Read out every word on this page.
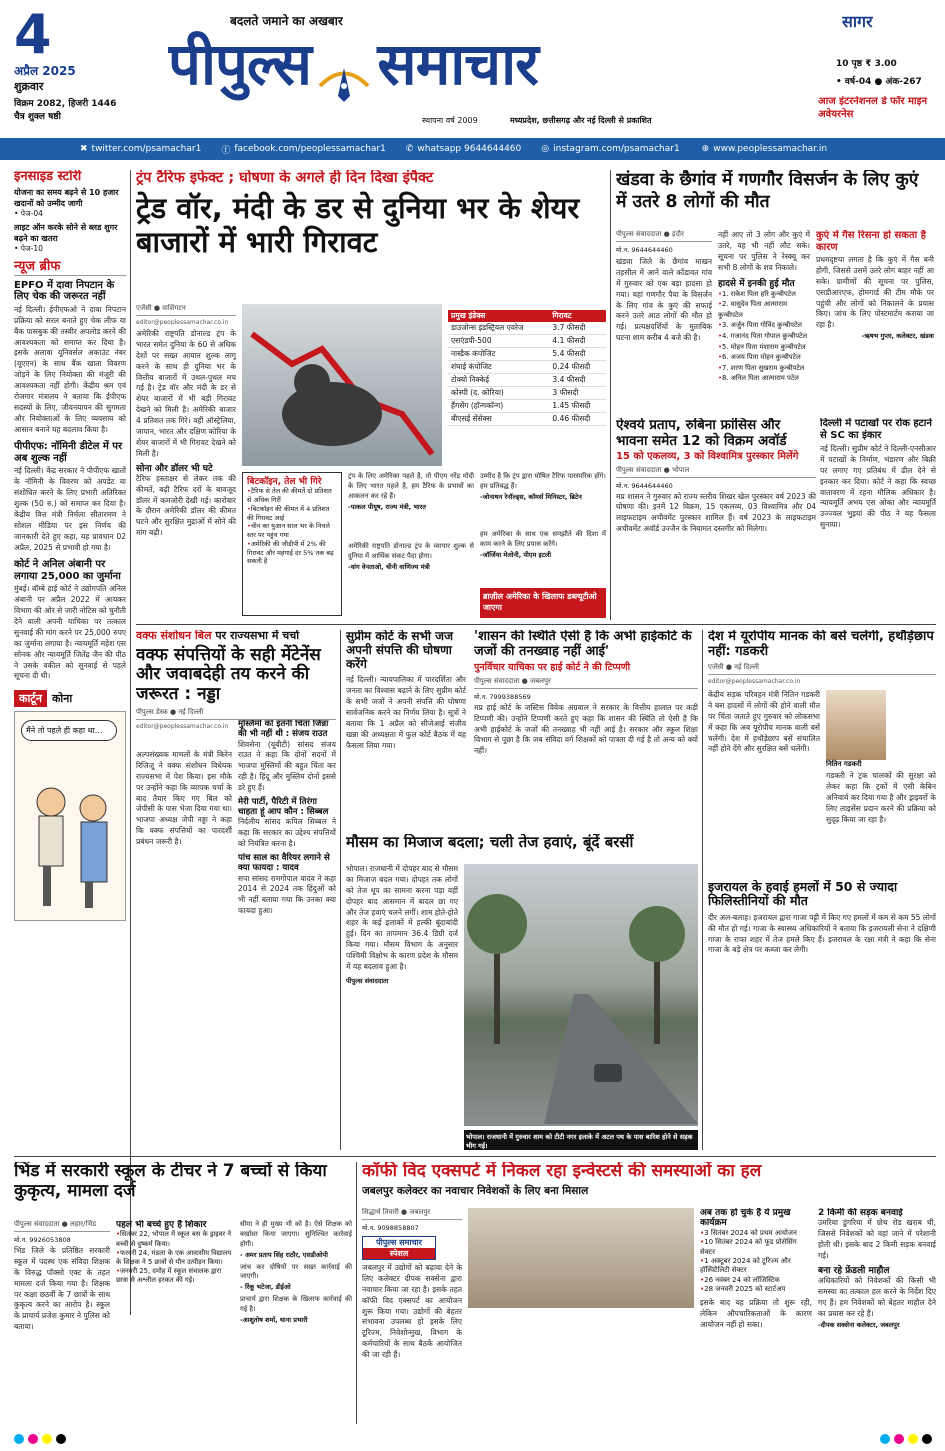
4
अप्रैल 2025
शुक्रवार
विक्रम 2082, हिजरी 1446
चैत्र शुक्ल षष्ठी
बदलते जमाने का अखबार
पीपुल्स समाचार
स्थापना वर्ष 2009	मध्यप्रदेश, छत्तीसगढ़ और नई दिल्ली से प्रकाशित
सागर
10 पृष्ठ ₹ 3.00
• वर्ष-04 ● अंक-267
आज इंटरनेशनल डे फॉर माइन अवेयरनेस
✖ twitter.com/psamachar1 ⓕ facebook.com/peoplessamachar1 ✆ whatsapp 9644644460 ◎ instagram.com/psamachar1 ⊕ www.peoplessamachar.in
इनसाइड स्टोरी
योजना का समय बढ़ने से 10 हजार खदानों को उम्मीद जागी
• पेज-04
लाइट ऑन करके सोने से ब्लड शुगर बढ़ने का खतरा
• पेज-10
न्यूज ब्रीफ
EPFO में दावा निपटान के लिए चेक की जरूरत नहीं
नई दिल्ली। ईपीएफओ ने दावा निपटान प्रक्रिया को सरल बनाते हुए चेक लीफ या बैंक पासबुक की तस्वीर अपलोड करने की आवश्यकता को समाप्त कर दिया है। इसके अलावा यूनिवर्सल अकाउंट नंबर (यूएएन) के साथ बैंक खाता विवरण जोड़ने के लिए नियोक्ता की मंजूरी की आवश्यकता नहीं होगी। केंद्रीय श्रम एवं रोजगार मंत्रालय ने बताया कि ईपीएफ सदस्यों के लिए, जीवनयापन की सुगमता और नियोक्ताओं के लिए व्यवसाय को आसान बनाने यह बदलाव किया है।
पीपीएफ: नॉमिनी डीटेल में पर अब शुल्क नहीं
नई दिल्ली। केंद्र सरकार ने पीपीएफ खातों के नॉमिनी के विवरण को अपडेट या संशोधित करने के लिए प्रभारी अतिरिक्त शुल्क (50 रु.) को समाप्त कर दिया है। केंद्रीय वित्त मंत्री निर्मला सीतारमण ने सोशल मीडिया पर इस निर्णय की जानकारी देते हुए कहा, यह प्रावधान 02 अप्रैल, 2025 से प्रभावी हो गया है।
कोर्ट ने अनिल अंबानी पर लगाया 25,000 का जुर्माना
मुंबई। बॉम्बे हाई कोर्ट ने उद्योगपति अनिल अंबानी पर अप्रैल 2022 में आयकर विभाग की ओर से जारी नोटिस को चुनौती देने वाली अपनी याचिका पर तत्काल सुनवाई की मांग करने पर 25,000 रुपए का जुर्माना लगाया है। न्यायमूर्ति महेश एस सोनक और न्यायमूर्ति जितेंद्र जैन की पीठ ने उसके वकील को सुनवाई से पहले सूचना दी थी।
कार्टून कोना
मैंने तो पहले ही कहा था...
ट्रंप टैरिफ इफेक्ट ; घोषणा के अगले ही दिन दिखा इंपैक्ट
ट्रेड वॉर, मंदी के डर से दुनिया भर के शेयर बाजारों में भारी गिरावट
एजेंसी ● वाशिंगटन
editor@peoplessamachar.co.in
अमेरिकी राष्ट्रपति डोनाल्ड ट्रंप के भारत समेत दुनिया के 60 से अधिक देशों पर सख्त आयात शुल्क लागू करने के साथ ही दुनिया भर के वित्तीय बाजारों में उथल-पुथल मच गई है। ट्रेड वॉर और मंदी के डर से शेयर बाजारों में भी बड़ी गिरावट देखने को मिली है। अमेरिकी बाजार 4 प्रतिशत तक गिरे। वहीं ऑस्ट्रेलिया, जापान, भारत और दक्षिण कोरिया के शेयर बाजारों में भी गिरावट देखने को मिली है।
सोना और डॉलर भी घटे
टैरिफ हस्ताक्षर से लेकर तक की कीमतें, बढ़ी टैरिफ दरों के बावजूद डॉलर में कमजोरी देखी गई। कारोबार के दौरान अमेरिकी डॉलर की कीमत घटने और सुरक्षित मुद्राओं में सोने की मांग बढ़ी।
प्रमुख इंडेक्स	गिरावट
डाउजोन्स इंडस्ट्रियल एवरेज	3.7 फीसदी
एसएंडपी-500	4.1 फीसदी
नास्डैक कंपोजिट	5.4 फीसदी
शंघाई कंपोजिट	0.24 फीसदी
टोक्यो निक्केई	3.4 फीसदी
कोस्पी (द. कोरिया)	3 फीसदी
हैंगसेंग (हॉन्गकॉन्ग)	1.45 फीसदी
बीएसई सेंसेक्स	0.46 फीसदी
बिटकॉइन, तेल भी गिरे
• टैरिफ से तेल की कीमतें दो प्रतिशत से अधिक गिरीं
• बिटकॉइन की कीमत में 4 प्रतिशत की गिरावट आई
• चीन का युआन साल भर के निचले स्तर पर पहुंच गया
• अमेरिकी की जीडीपी में 2% की गिरावट और महंगाई दर 5% तक बढ़ सकती है
ट्रंप के लिए अमेरिका पहले है, तो पीएम नरेंद्र मोदी के लिए भारत पहले है, हम टैरिफ के प्रभावों का आकलन कर रहे हैं।
-पाकल पीयूष, राज्य मंत्री, भारत
उम्मीद है कि ट्रंप द्वारा घोषित टैरिफ पारस्परिक होंगे। हम प्रतिबद्ध हैं।
-जोनाथन रेनॉल्ड्स, कॉमर्स मिनिस्टर, ब्रिटेन
अमेरिकी राष्ट्रपति डोनाल्ड ट्रंप के व्यापार शुल्क से दुनिया में आर्थिक संकट पैदा होगा।
-वांग वेनताओ, चीनी वाणिज्य मंत्री
हम अमेरिका के साथ एक समझौते की दिशा में काम करने के लिए प्रयास करेंगे।
-जॉर्जिया मेलोनी, पीएम इटली
ब्राज़ील अमेरिका के खिलाफ डब्ल्यूटीओ जाएगा
खंडवा के छैगांव में गणगौर विसर्जन के लिए कुएं में उतरे 8 लोगों की मौत
पीपुल्स संवाददाता ● इंदौर
मो.न. 9644644460
खंडवा जिले के छैगांव माखन तहसील में आने वाले कोंडावत गांव में गुरुवार को एक बड़ा हादसा हो गया। यहां गणगौर पैया के विसर्जन के लिए गांव के कुएं की सफाई करने उतरे आठ लोगों की मौत हो गई। प्रत्यक्षदर्शियों के मुताबिक घटना शाम करीब 4 बजे की है।
नहीं आए तो 3 लोग और कुएं में उतरे, वह भी नहीं लौट सके। सूचना पर पुलिस ने रेस्क्यू कर सभी 8 लोगों के शव निकाले।
हादसे में इनकी हुई मौत
• 1. राकेश पिता हरि कुन्बीपटेल
• 2. वासुदेव पिता आत्माराम कुन्बीपटेल
• 3. अर्जुन पिता गोविंद कुन्बीपटेल
• 4. गजानंद पिता गोपाल कुन्बीपटेल
• 5. मोहन पिता मंशाराम कुन्बीपटेल
• 6. अजय पिता मोहन कुन्बीपटेल
• 7. शरण पिता सुखराम कुन्बीपटेल
• 8. अनिल पिता आत्माराम पटेल
कुएं में गैस रिसना हो सकता है कारण
प्रथमदृष्टया लगता है कि कुएं में गैस बनी होगी, जिससे उसमें उतरे लोग बाहर नहीं आ सके। ग्रामीणों की सूचना पर पुलिस, एसडीआरएफ, होमगार्ड की टीम मौके पर पहुंची और लोगों को निकालने के प्रयास किए। जांच के लिए पोस्टमार्टम कराया जा रहा है।
-ऋषभ गुप्ता, कलेक्टर, खंडवा
ऐश्वर्य प्रताप, रुबिना फ्रांसिस और भावना समेत 12 को विक्रम अवॉर्ड
15 को एकलव्य, 3 को विश्वामित्र पुरस्कार मिलेंगे
पीपुल्स संवाददाता ● भोपाल
मो.न. 9644644460
मप्र शासन ने गुरुवार को राज्य स्तरीय शिखर खेल पुरस्कार वर्ष 2023 की घोषणा की। इनमें 12 विक्रम, 15 एकलव्य, 03 विश्वामित्र और 04 लाइफटाइम अचीवमेंट पुरस्कार शामिल हैं। वर्ष 2023 के लाइफटाइम अचीवमेंट अवॉर्ड उज्जैन के नियामत दस्तगीर को मिलेगा।
दिल्ली में पटाखों पर रोक हटाने से SC का इंकार
नई दिल्ली। सुप्रीम कोर्ट ने दिल्ली-एनसीआर में पटाखों के निर्माण, भंडारण और बिक्री पर लगाए गए प्रतिबंध में ढील देने से इनकार कर दिया। कोर्ट ने कहा कि स्वच्छ वातावरण में रहना मौलिक अधिकार है। न्यायमूर्ति अभय एस ओका और न्यायमूर्ति उज्ज्वल भुइयां की पीठ ने यह फैसला सुनाया।
वक्फ संशोधन बिल पर राज्यसभा में चर्चा
वक्फ संपत्तियों के सही मेंटेनेंस और जवाबदेही तय करने की जरूरत : नड्डा
पीपुल्स डेस्क ● नई दिल्ली
editor@peoplessamachar.co.in
अल्पसंख्यक मामलों के मंत्री किरेन रिजिजू ने वक्फ संशोधन विधेयक राज्यसभा में पेश किया। इस मौके पर उन्होंने कहा कि व्यापक चर्चा के बाद तैयार किए गए बिल को जेपीसी के पास भेजा दिया गया था। भाजपा अध्यक्ष जेपी नड्डा ने कहा कि वक्फ संपत्तियों का पारदर्शी प्रबंधन जरूरी है।
मुस्लिमों को इतनी चिंता जिन्ना की भी नहीं थी : संजय राउत
शिवसेना (यूबीटी) सांसद संजय राउत ने कहा कि दोनों सदनों में भाजपा मुस्लिमों की बहुत चिंता कर रही है। हिंदू और मुस्लिम दोनों इससे डरे हुए हैं।
मेरी पार्टी, पैरिटी में तिरंगा चाहता हूं आप कौन : सिब्बल
निर्दलीय सांसद कपिल सिब्बल ने कहा कि सरकार का उद्देश्य संपत्तियों को नियंत्रित करना है।
पांच साल का वैरियर लगाने से क्या फायदा : यादव
सपा सांसद रामगोपाल यादव ने कहा 2014 से 2024 तक हिंदुओं को भी नहीं बताया गया कि उनका क्या फायदा हुआ।
सुप्रीम कोर्ट के सभी जज अपनी संपत्ति की घोषणा करेंगे
नई दिल्ली। न्यायपालिका में पारदर्शिता और जनता का विश्वास बढ़ाने के लिए सुप्रीम कोर्ट के सभी जजों ने अपनी संपत्ति की घोषणा सार्वजनिक करने का निर्णय लिया है। सूत्रों ने बताया कि 1 अप्रैल को सीजेआई संजीव खन्ना की अध्यक्षता में फुल कोर्ट बैठक में यह फैसला लिया गया।
'शासन की स्थिति ऐसी है कि अभी हाईकोर्ट के जजों की तनख्वाह नहीं आई'
पुनर्विचार याचिका पर हाई कोर्ट ने की टिप्पणी
पीपुल्स संवाददाता ● जबलपुर
मो.न. 7999388569
मप्र हाई कोर्ट के जस्टिस विवेक अग्रवाल ने सरकार के वित्तीय हालात पर कड़ी टिप्पणी की। उन्होंने टिप्पणी करते हुए कहा कि शासन की स्थिति तो ऐसी है कि अभी हाईकोर्ट के जजों की तनख्वाह भी नहीं आई है। सरकार और स्कूल शिक्षा विभाग से पूछा है कि जब संविदा वर्ग शिक्षकों को पात्रता दी गई है तो अन्य को क्यों नहीं।
देश में यूरोपीय मानक की बसें चलेंगी, हथौड़ेछाप नहीं: गडकरी
एजेंसी ● नई दिल्ली
editor@peoplessamachar.co.in
केंद्रीय सड़क परिवहन मंत्री नितिन गडकरी ने बस हादसों में लोगों की होने वाली मौत पर चिंता जताते हुए गुरुवार को लोकसभा में कहा कि अब यूरोपीय मानक वाली बसें चलेंगी। देश में हथौड़ेछाप बसें संचालित नहीं होने देंगे और सुरक्षित बसें चलेंगी।
नितिन गडकरी
गडकरी ने ट्रक चालकों की सुरक्षा को लेकर कहा कि ट्रकों में एसी केबिन अनिवार्य कर दिया गया है और ड्राइवरों के लिए लाइसेंस प्रदान करने की प्रक्रिया को सुदृढ़ किया जा रहा है।
मौसम का मिजाज बदला; चली तेज हवाएं, बूंदें बरसीं
भोपाल। राजधानी में दोपहर बाद से मौसम का मिजाज बदल गया। दोपहर तक लोगों को तेज धूप का सामना करना पड़ा वहीं दोपहर बाद आसमान में बादल छा गए और तेज हवाएं चलने लगीं। शाम होते-होते शहर के कई इलाकों में हल्की बूंदाबांदी हुई। दिन का तापमान 36.4 डिग्री दर्ज किया गया। मौसम विभाग के अनुसार पश्चिमी विक्षोभ के कारण प्रदेश के मौसम में यह बदलाव हुआ है।
पीपुल्स संवाददाता
भोपाल। राजधानी में गुरुवार शाम को टीटी नगर इलाके में अटल पथ के पास बारिश होने से सड़क भीग गई।
इजरायल के हवाई हमलों में 50 से ज्यादा फिलिस्तीनियों की मौत
दीर अल-बलाह। इजरायल द्वारा गाजा पट्टी में किए गए हमलों में कम से कम 55 लोगों की मौत हो गई। गाजा के स्वास्थ्य अधिकारियों ने बताया कि इजरायली सेना ने दक्षिणी गाजा के राफा शहर में तेज हमले किए हैं। इजरायल के रक्षा मंत्री ने कहा कि सेना गाजा के बड़े क्षेत्र पर कब्जा कर लेगी।
भिंड में सरकारी स्कूल के टीचर ने 7 बच्चों से किया कुकृत्य, मामला दर्ज
पीपुल्स संवाददाता ● लहार/भिंड
मो.न. 9926053808
भिंड जिले के प्रतिष्ठित सरकारी स्कूल में पदस्थ एक संविदा शिक्षक के विरुद्ध पॉक्सो एक्ट के तहत मामला दर्ज किया गया है। शिक्षक पर कक्षा छठवीं के 7 छात्रों के साथ कुकृत्य करने का आरोप है। स्कूल के प्राचार्य प्रजेश कुमार ने पुलिस को बताया।
पहले भी बच्चे हुए हैं शिकार
• सितंबर 22, भोपाल में स्कूल बस के ड्राइवर ने बच्ची से दुष्कर्म किया।
• फरवरी 24, मंडला के एक आवासीय विद्यालय के शिक्षक ने 5 छात्रों से यौन उत्पीड़न किया।
• जनवरी 25, दमोह में स्कूल संचालक द्वारा छात्रा से अश्लील हरकत की गई।
सीमा ने ही मुख्य भी को है। ऐसे शिक्षक को बर्खास्त किया जाएगा। सुनिश्चित कार्रवाई होगी।
- अमर प्रताप सिंह राठौर, एसडीओपी
जांच कर दोषियों पर सख्त कार्रवाई की जाएगी।
- रिंकू भटेजा, डीईओ
प्राचार्य द्वारा शिक्षक के खिलाफ कार्रवाई की गई है।
-आशुतोष शर्मा, थाना प्रभारी
कॉफी विद एक्सपर्ट में निकल रहा इन्वेस्टर्स की समस्याओं का हल
जबलपुर कलेक्टर का नवाचार निवेशकों के लिए बना मिसाल
सिद्धार्थ तिवारी ● जबलपुर
मो.न. 9098858807
पीपुल्स समाचार
स्पेशल
जबलपुर में उद्योगों को बढ़ावा देने के लिए कलेक्टर दीपक सक्सेना द्वारा नवाचार किया जा रहा है। इसके तहत कॉफी विद एक्सपर्ट का आयोजन शुरू किया गया। उद्योगों की बेहतर संभावना उपलब्ध हो इसके लिए टूरिज्म, निवेशोन्मुख, विभाग के कर्मचारियों के साथ बैठकें आयोजित की जा रही हैं।
अब तक हो चुके हैं ये प्रमुख कार्यक्रम
• 3 सितंबर 2024 को प्रथम आयोजन
• 10 सितंबर 2024 को फूड प्रोसेसिंग सेक्टर
• 1 अक्टूबर 2024 को टूरिज्म और हॉस्पिटैलिटी सेक्टर
• 26 नवंबर 24 को लॉजिस्टिक
• 28 जनवरी 2025 को स्टार्टअप
इसके बाद यह प्रक्रिया तो शुरू रही, लेकिन औपचारिकताओं के कारण आयोजन नहीं हो सका।
2 किमी की सड़क बनवाई
उमरिया डुंगरिया में ग्रोथ रोड खराब थी, जिससे निवेशकों को वहां जाने में परेशानी होती थी। इसके बाद 2 किमी सड़क बनवाई गई।
बना रहे फ्रेंडली माहौल
अधिकारियों को निवेशकों की किसी भी समस्या का तत्काल हल करने के निर्देश दिए गए हैं। हम निवेशकों को बेहतर माहौल देने का प्रयास कर रहे हैं।
-दीपक सक्सेना कलेक्टर, जबलपुर
